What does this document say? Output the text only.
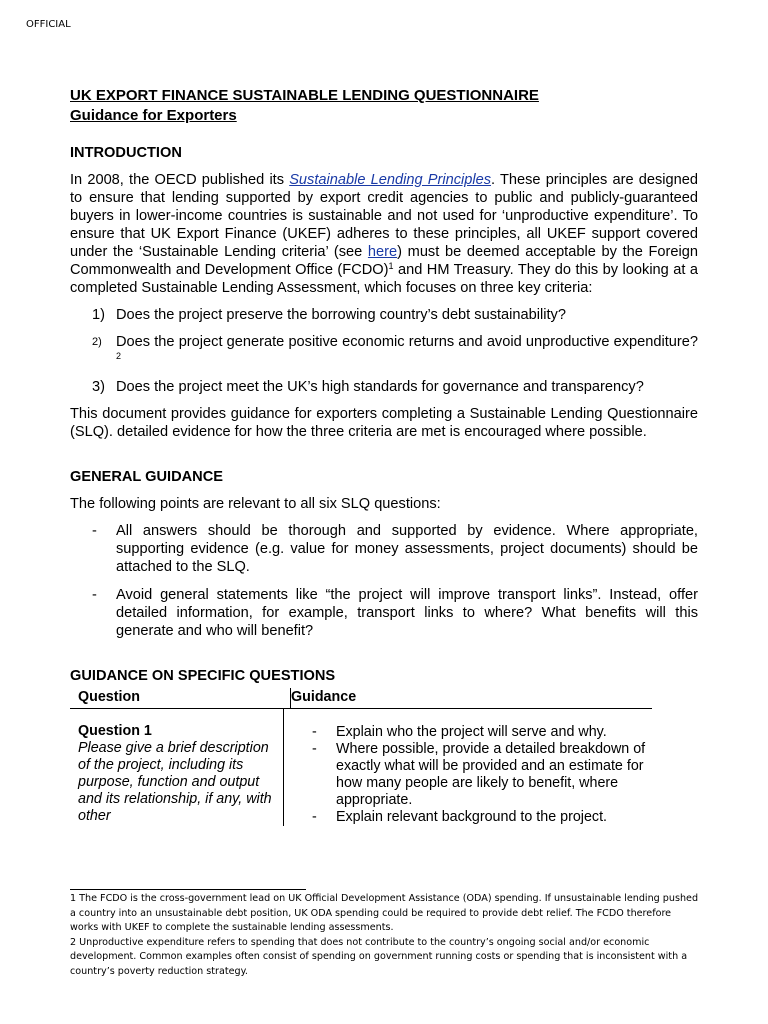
OFFICIAL
UK EXPORT FINANCE SUSTAINABLE LENDING QUESTIONNAIRE
Guidance for Exporters
INTRODUCTION

In 2008, the OECD published its Sustainable Lending Principles. These principles are designed to ensure that lending supported by export credit agencies to public and publicly-guaranteed buyers in lower-income countries is sustainable and not used for ‘unproductive expenditure’. To ensure that UK Export Finance (UKEF) adheres to these principles, all UKEF support covered under the ‘Sustainable Lending criteria’ (see here) must be deemed acceptable by the Foreign Commonwealth and Development Office (FCDO)$^1$ and HM Treasury. They do this by looking at a completed Sustainable Lending Assessment, which focuses on three key criteria:

1) Does the project preserve the borrowing country’s debt sustainability?
2) Does the project generate positive economic returns and avoid unproductive expenditure?$^2$
3) Does the project meet the UK’s high standards for governance and transparency?

This document provides guidance for exporters completing a Sustainable Lending Questionnaire (SLQ). detailed evidence for how the three criteria are met is encouraged where possible.

GENERAL GUIDANCE

The following points are relevant to all six SLQ questions:

- All answers should be thorough and supported by evidence. Where appropriate, supporting evidence (e.g. value for money assessments, project documents) should be attached to the SLQ.
- Avoid general statements like “the project will improve transport links”. Instead, offer detailed information, for example, transport links to where? What benefits will this generate and who will benefit?
GUIDANCE ON SPECIFIC QUESTIONS
Question	Guidance
Question 1
Please give a brief description of the project, including its purpose, function and output and its relationship, if any, with other
- Explain who the project will serve and why.
- Where possible, provide a detailed breakdown of exactly what will be provided and an estimate for how many people are likely to benefit, where appropriate.
- Explain relevant background to the project.

1 The FCDO is the cross-government lead on UK Official Development Assistance (ODA) spending. If unsustainable lending pushed a country into an unsustainable debt position, UK ODA spending could be required to provide debt relief. The FCDO therefore works with UKEF to complete the sustainable lending assessments.

2 Unproductive expenditure refers to spending that does not contribute to the country’s ongoing social and/or economic development. Common examples often consist of spending on government running costs or spending that is inconsistent with a country’s poverty reduction strategy.
